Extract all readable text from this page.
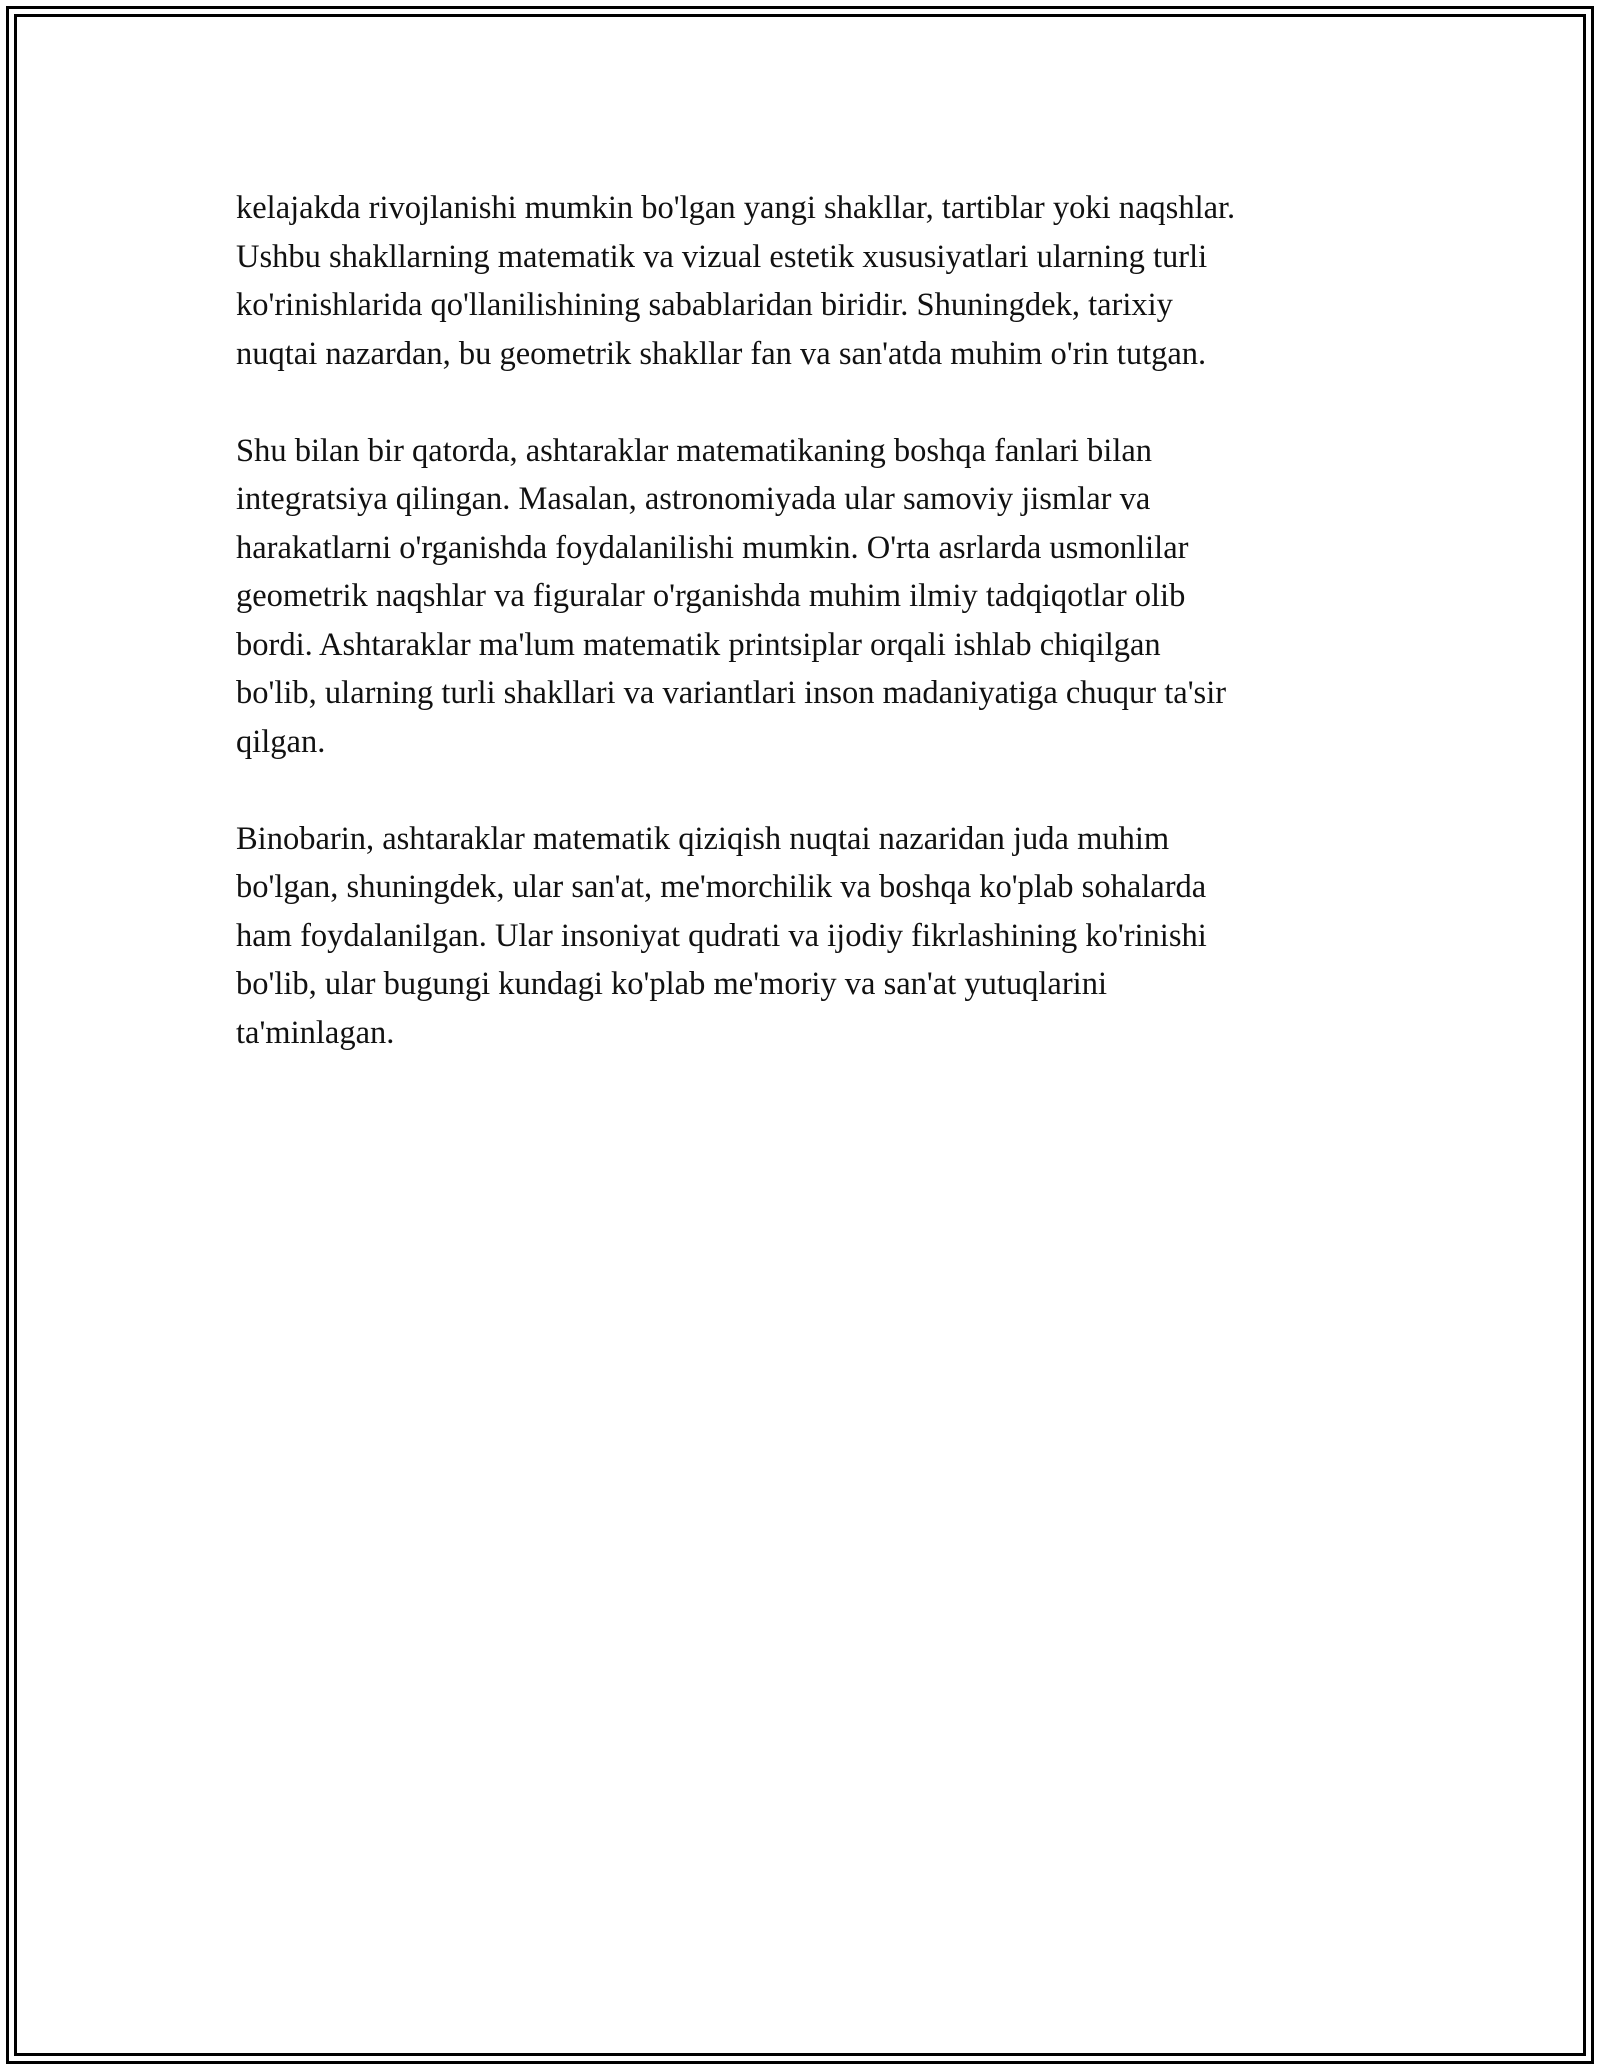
kelajakda rivojlanishi mumkin bo'lgan yangi shakllar, tartiblar yoki naqshlar.
Ushbu shakllarning matematik va vizual estetik xususiyatlari ularning turli
ko'rinishlarida qo'llanilishining sabablaridan biridir. Shuningdek, tarixiy
nuqtai nazardan, bu geometrik shakllar fan va san'atda muhim o'rin tutgan.

Shu bilan bir qatorda, ashtaraklar matematikaning boshqa fanlari bilan
integratsiya qilingan. Masalan, astronomiyada ular samoviy jismlar va
harakatlarni o'rganishda foydalanilishi mumkin. O'rta asrlarda usmonlilar
geometrik naqshlar va figuralar o'rganishda muhim ilmiy tadqiqotlar olib
bordi. Ashtaraklar ma'lum matematik printsiplar orqali ishlab chiqilgan
bo'lib, ularning turli shakllari va variantlari inson madaniyatiga chuqur ta'sir
qilgan.

Binobarin, ashtaraklar matematik qiziqish nuqtai nazaridan juda muhim
bo'lgan, shuningdek, ular san'at, me'morchilik va boshqa ko'plab sohalarda
ham foydalanilgan. Ular insoniyat qudrati va ijodiy fikrlashining ko'rinishi
bo'lib, ular bugungi kundagi ko'plab me'moriy va san'at yutuqlarini
ta'minlagan.
